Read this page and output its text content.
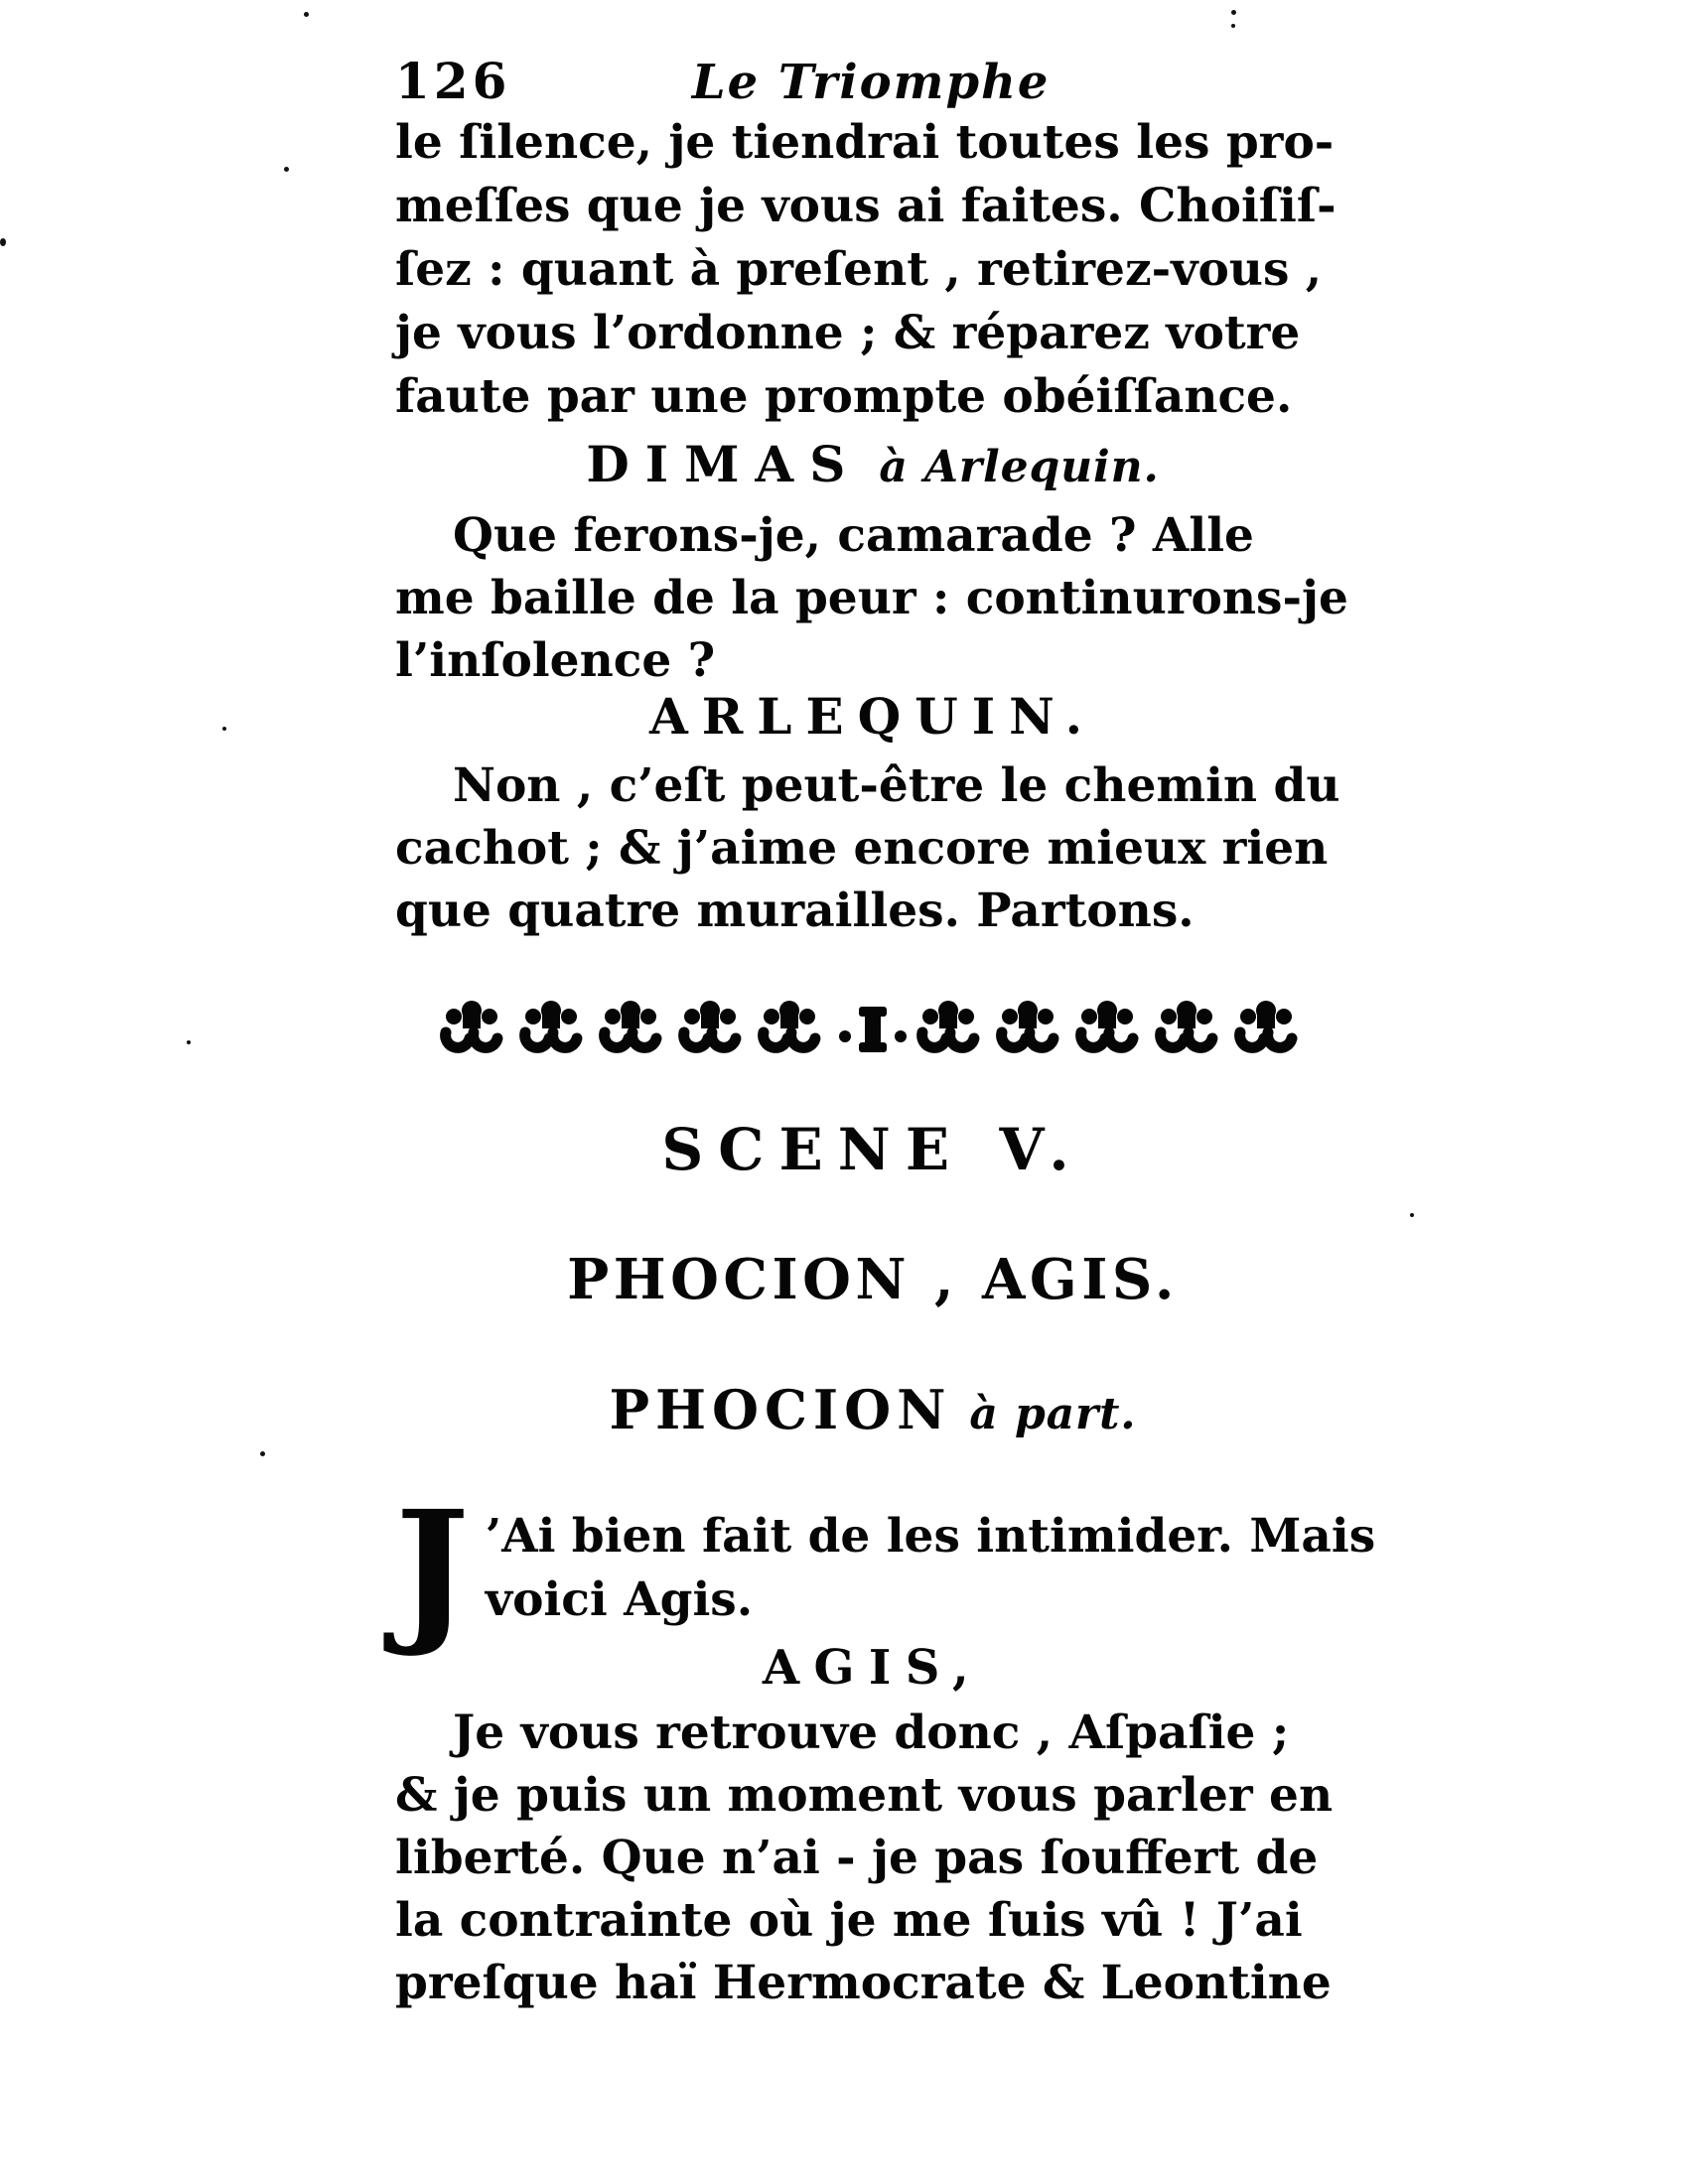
126	Le Triomphe
le ſilence, je tiendrai toutes les pro-
meſſes que je vous ai faites. Choiſiſ-
ſez : quant à preſent , retirez-vous ,
je vous l’ordonne ; & réparez votre
faute par une prompte obéiſſance.
DIMAS à Arlequin.
Que ferons-je, camarade ? Alle
me baille de la peur : continurons-je
l’inſolence ?
ARLEQUIN.
Non , c’eſt peut-être le chemin du
cachot ; & j’aime encore mieux rien
que quatre murailles. Partons.
SCENE V.
PHOCION , AGIS.
PHOCION à part.
J ’Ai bien fait de les intimider. Mais
voici Agis.
AGIS,
Je vous retrouve donc , Aſpaſie ;
& je puis un moment vous parler en
liberté. Que n’ai - je pas ſouffert de
la contrainte où je me ſuis vû ! J’ai
preſque haï Hermocrate & Leontine
